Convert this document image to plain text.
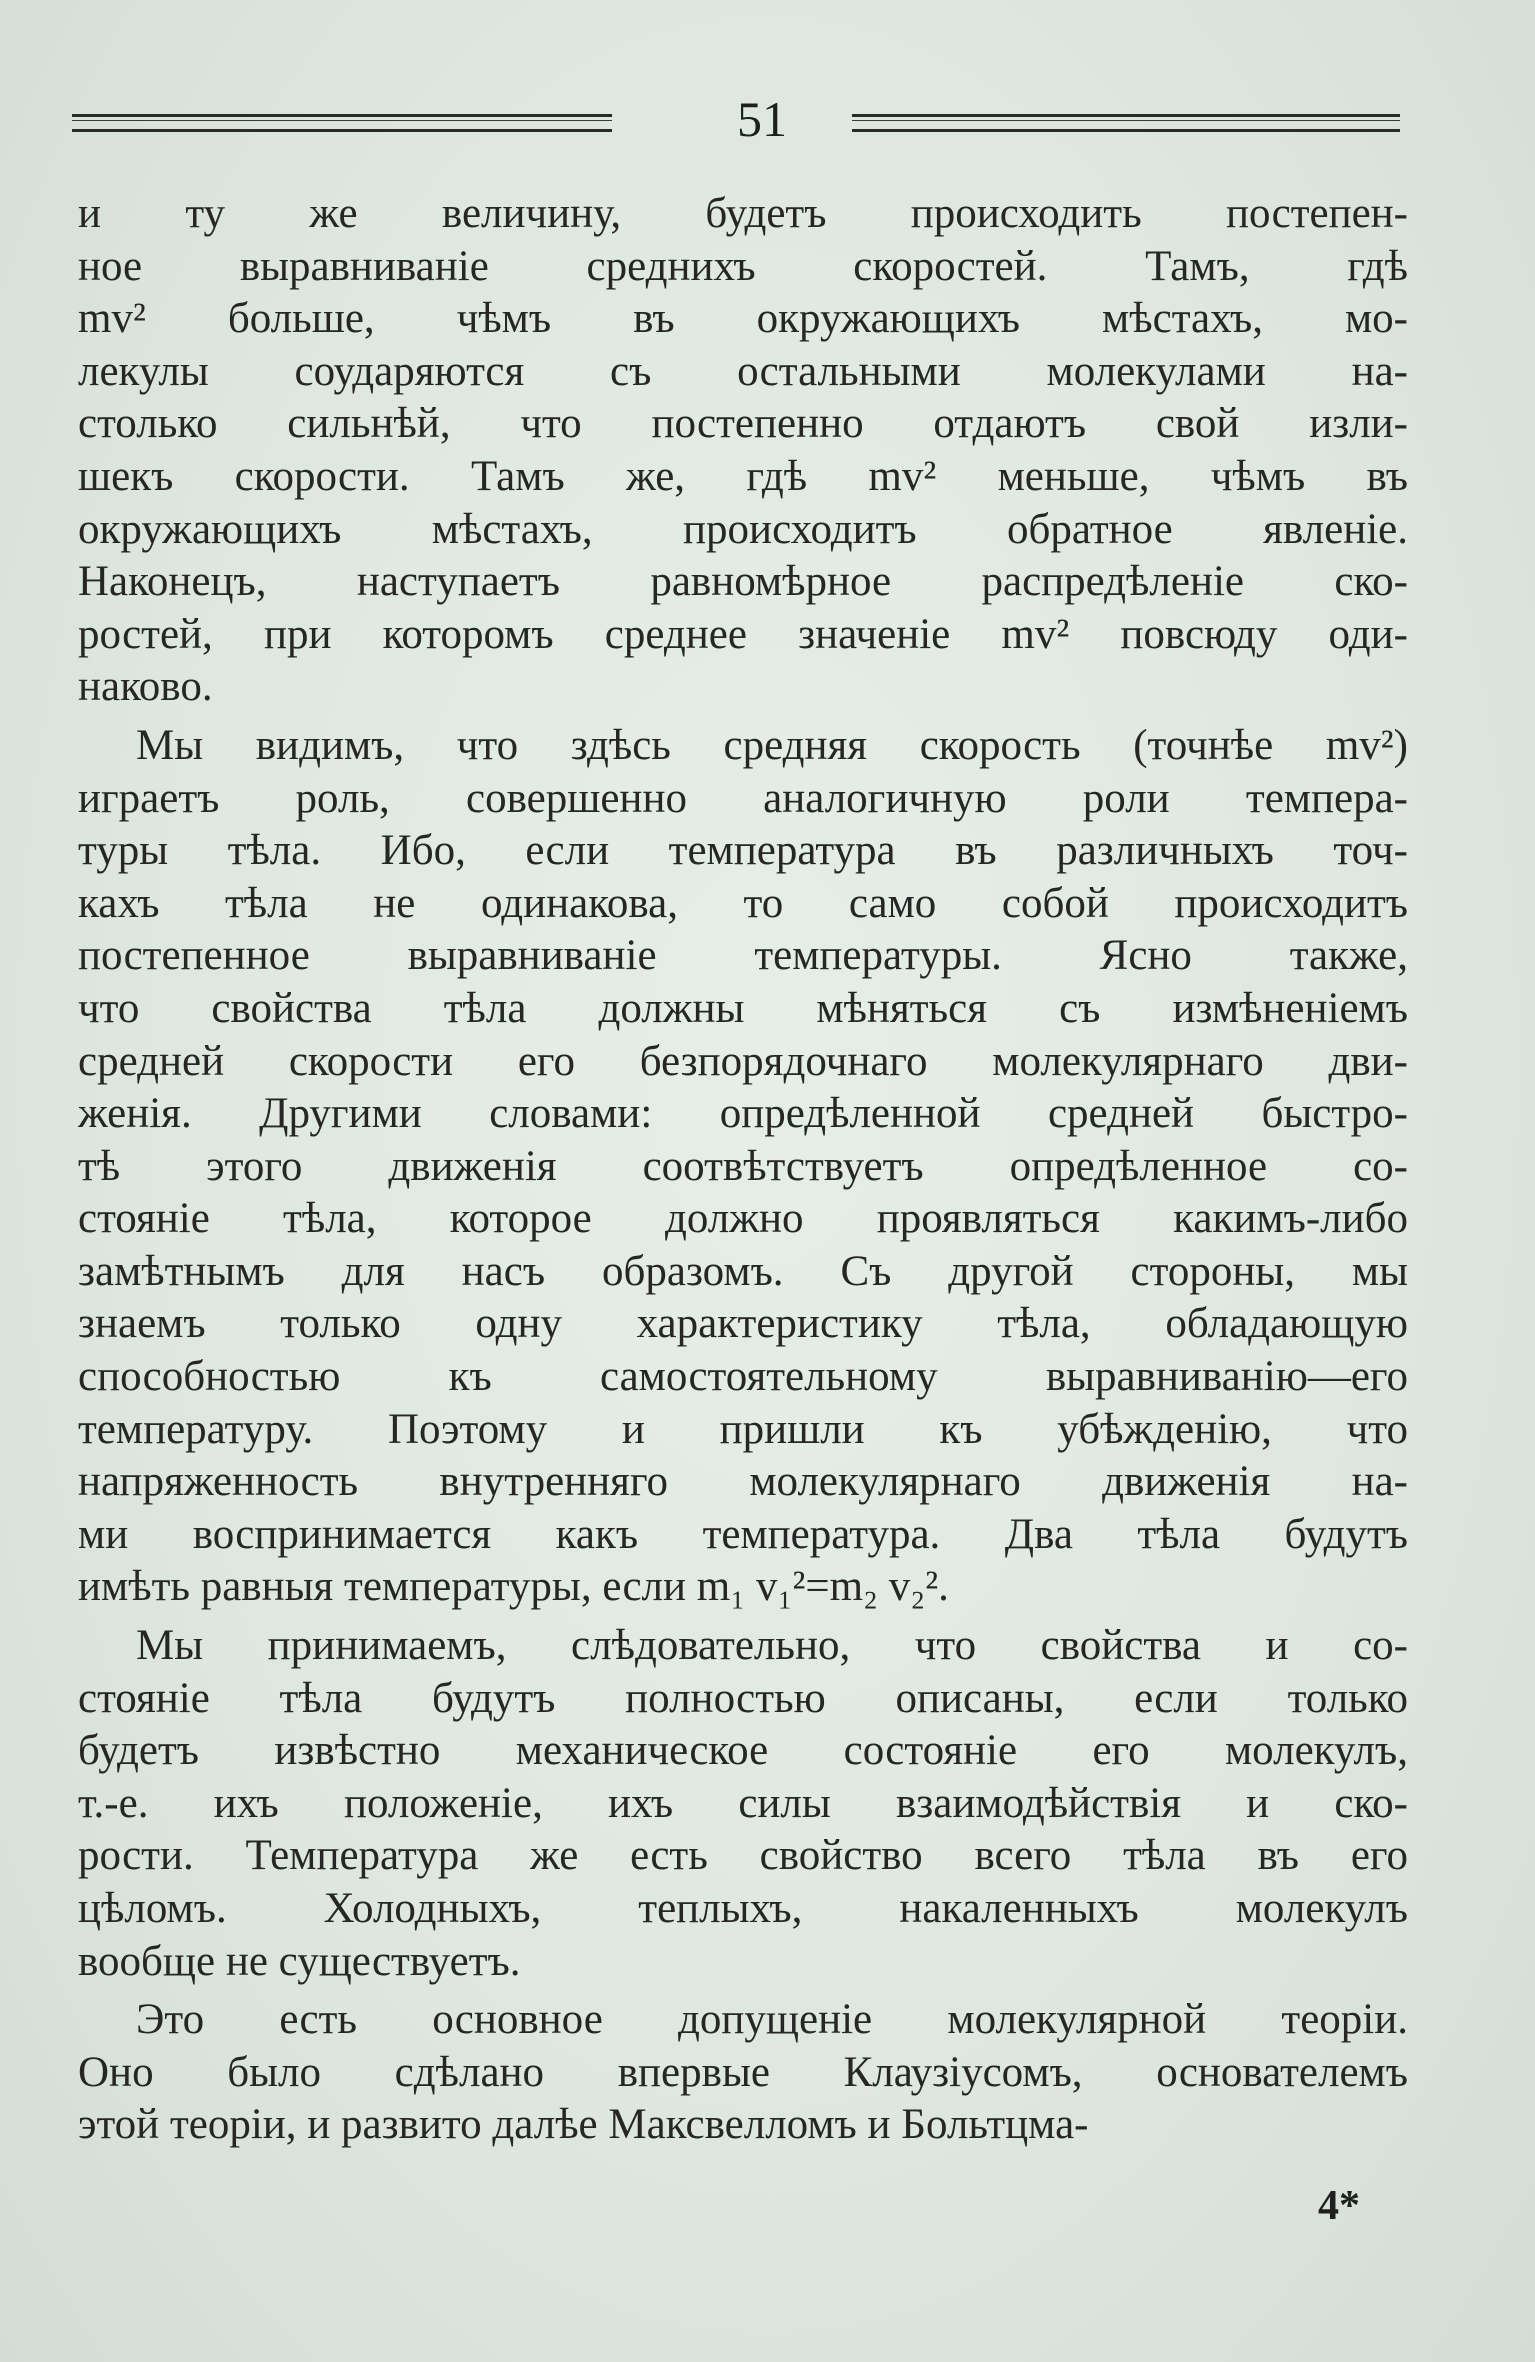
51
и ту же величину, будетъ происходить постепен-
ное выравниванiе среднихъ скоростей. Тамъ, гдѣ
mv² больше, чѣмъ въ окружающихъ мѣстахъ, мо-
лекулы соударяются съ остальными молекулами на-
столько сильнѣй, что постепенно отдаютъ свой изли-
шекъ скорости. Тамъ же, гдѣ mv² меньше, чѣмъ въ
окружающихъ мѣстахъ, происходитъ обратное явленiе.
Наконецъ, наступаетъ равномѣрное распредѣленiе ско-
ростей, при которомъ среднее значенiе mv² повсюду оди-
наково.
Мы видимъ, что здѣсь средняя скорость (точнѣе mv²)
играетъ роль, совершенно аналогичную роли темпера-
туры тѣла. Ибо, если температура въ различныхъ точ-
кахъ тѣла не одинакова, то само собой происходитъ
постепенное выравниванiе температуры. Ясно также,
что свойства тѣла должны мѣняться съ измѣненiемъ
средней скорости его безпорядочнаго молекулярнаго дви-
женiя. Другими словами: опредѣленной средней быстро-
тѣ этого движенiя соотвѣтствуетъ опредѣленное со-
стоянiе тѣла, которое должно проявляться какимъ-либо
замѣтнымъ для насъ образомъ. Съ другой стороны, мы
знаемъ только одну характеристику тѣла, обладающую
способностью къ самостоятельному выравниванiю—его
температуру. Поэтому и пришли къ убѣжденiю, что
напряженность внутренняго молекулярнаго движенiя на-
ми воспринимается какъ температура. Два тѣла будутъ
имѣть равныя температуры, если m₁ v₁²=m₂ v₂².
Мы принимаемъ, слѣдовательно, что свойства и со-
стоянiе тѣла будутъ полностью описаны, если только
будетъ извѣстно механическое состоянiе его молекулъ,
т.-е. ихъ положенiе, ихъ силы взаимодѣйствiя и ско-
рости. Температура же есть свойство всего тѣла въ его
цѣломъ. Холодныхъ, теплыхъ, накаленныхъ молекулъ
вообще не существуетъ.
Это есть основное допущенiе молекулярной теорiи.
Оно было сдѣлано впервые Клаузiусомъ, основателемъ
этой теорiи, и развито далѣе Максвелломъ и Больтцма-
4*
